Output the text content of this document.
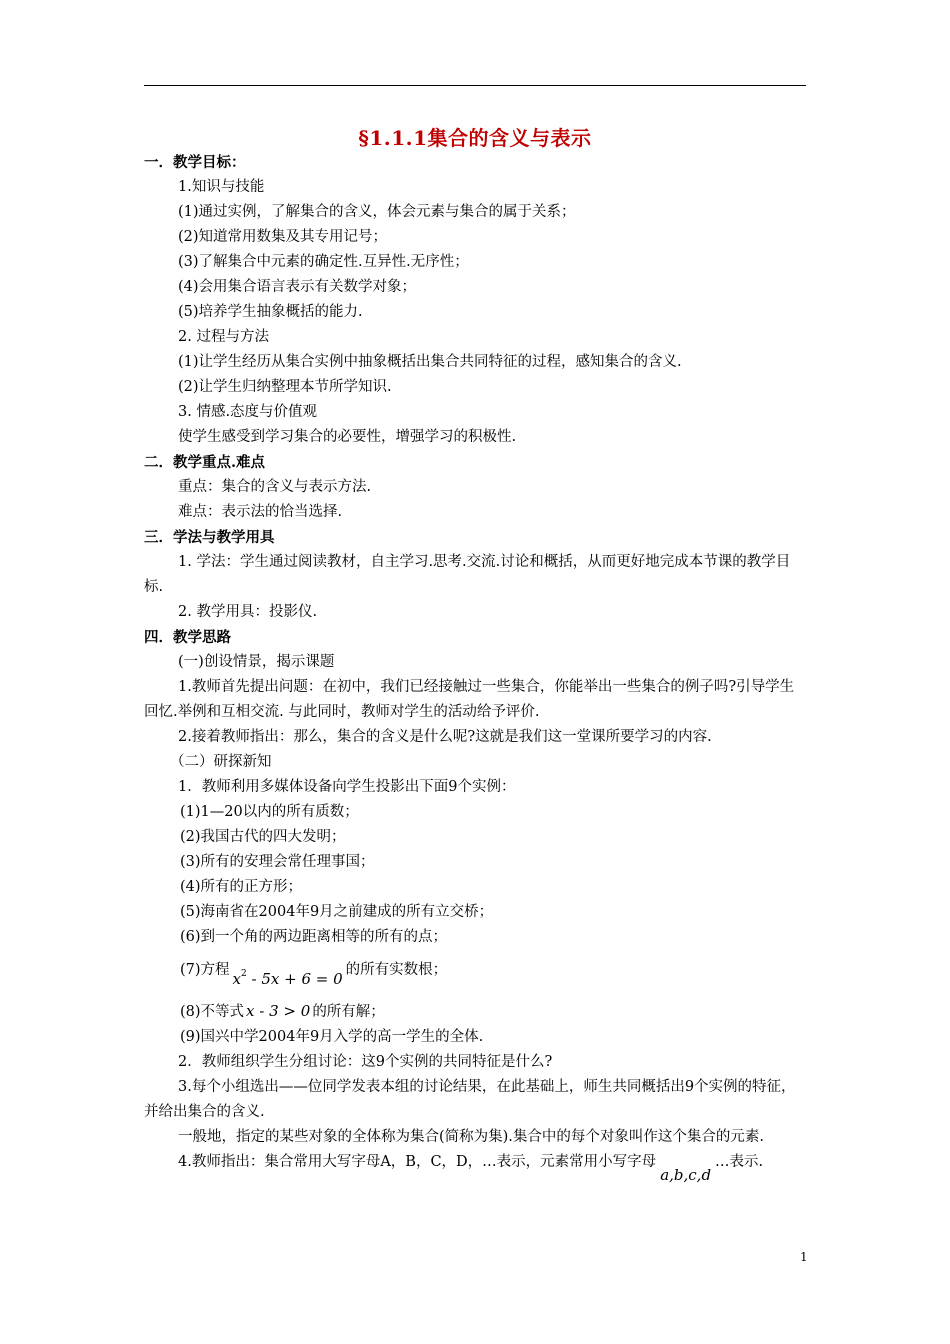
§1.1.1集合的含义与表示

一．教学目标：

1.知识与技能

(1)通过实例，了解集合的含义，体会元素与集合的属于关系；

(2)知道常用数集及其专用记号；

(3)了解集合中元素的确定性.互异性.无序性；

(4)会用集合语言表示有关数学对象；

(5)培养学生抽象概括的能力.

2. 过程与方法

(1)让学生经历从集合实例中抽象概括出集合共同特征的过程，感知集合的含义.

(2)让学生归纳整理本节所学知识.

3. 情感.态度与价值观

使学生感受到学习集合的必要性，增强学习的积极性.

二．教学重点.难点

重点：集合的含义与表示方法.

难点：表示法的恰当选择.

三．学法与教学用具

1. 学法：学生通过阅读教材，自主学习.思考.交流.讨论和概括，从而更好地完成本节课的教学目标.

2. 教学用具：投影仪.

四．教学思路

(一)创设情景，揭示课题

1.教师首先提出问题：在初中，我们已经接触过一些集合，你能举出一些集合的例子吗?引导学生回忆.举例和互相交流. 与此同时，教师对学生的活动给予评价.

2.接着教师指出：那么，集合的含义是什么呢?这就是我们这一堂课所要学习的内容.

（二）研探新知

1．教师利用多媒体设备向学生投影出下面9个实例：

(1)1—20以内的所有质数；

(2)我国古代的四大发明；

(3)所有的安理会常任理事国；

(4)所有的正方形；

(5)海南省在2004年9月之前建成的所有立交桥；

(6)到一个角的两边距离相等的所有的点；

(7)方程 $x^2 - 5x + 6 = 0$ 的所有实数根；

(8)不等式 x - 3 > 0 的所有解；

(9)国兴中学2004年9月入学的高一学生的全体.

2．教师组织学生分组讨论：这9个实例的共同特征是什么?

3.每个小组选出——位同学发表本组的讨论结果，在此基础上，师生共同概括出9个实例的特征，并给出集合的含义.

一般地，指定的某些对象的全体称为集合(简称为集).集合中的每个对象叫作这个集合的元素.

4.教师指出：集合常用大写字母A，B，C，D，…表示，元素常用小写字母a,b,c,d…表示.

1
